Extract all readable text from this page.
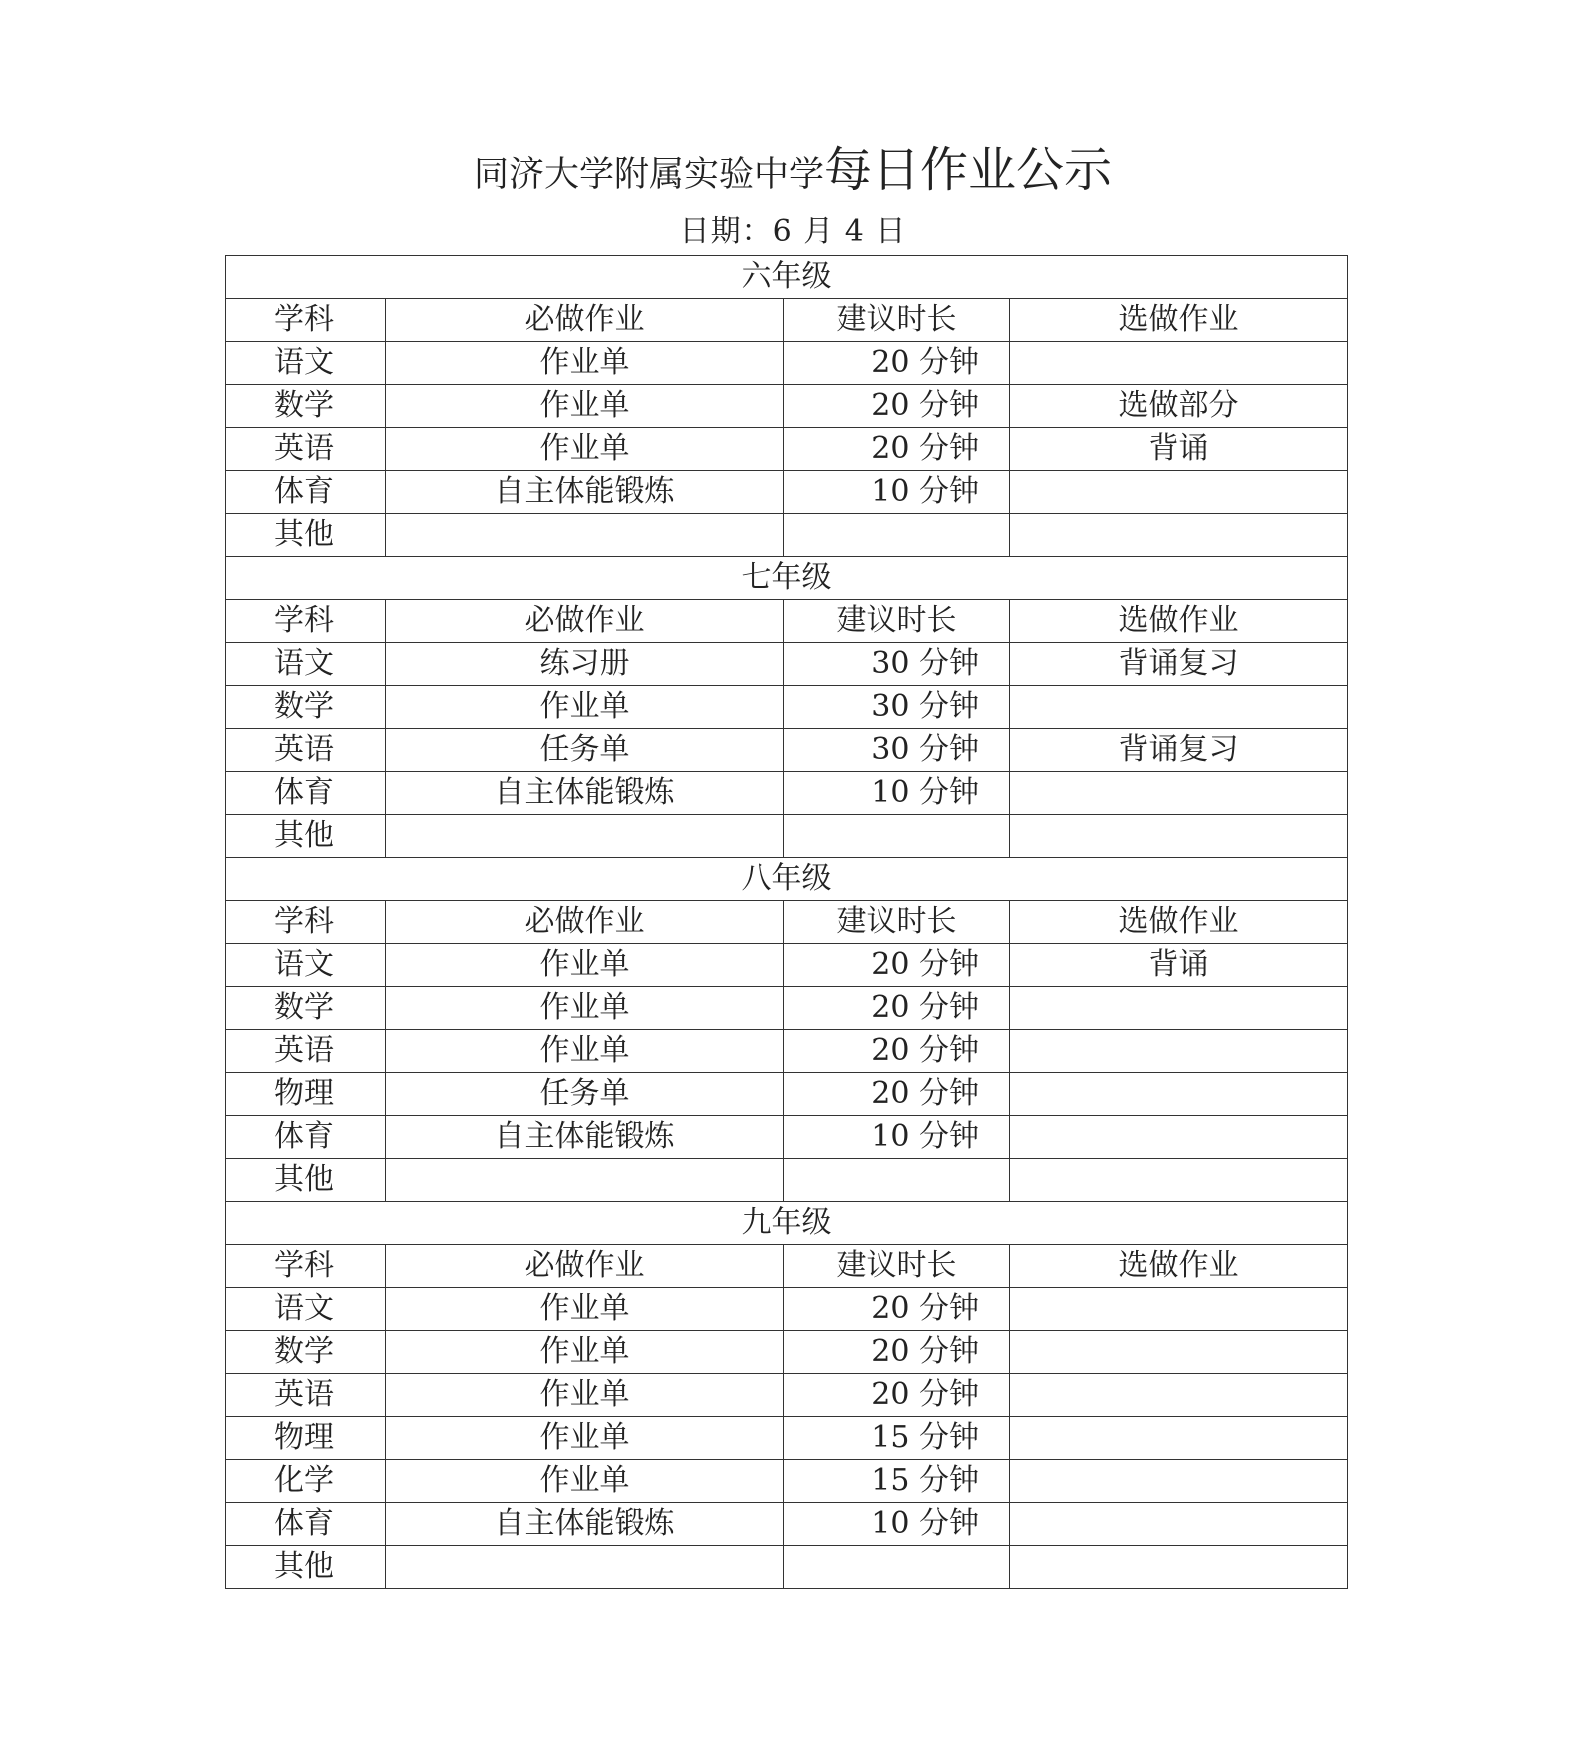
同济大学附属实验中学每日作业公示
日期：6 月 4 日
六年级			
学科	必做作业	建议时长	选做作业
语文	作业单	20 分钟	
数学	作业单	20 分钟	选做部分
英语	作业单	20 分钟	背诵
体育	自主体能锻炼	10 分钟	
其他			
七年级			
学科	必做作业	建议时长	选做作业
语文	练习册	30 分钟	背诵复习
数学	作业单	30 分钟	
英语	任务单	30 分钟	背诵复习
体育	自主体能锻炼	10 分钟	
其他			
八年级			
学科	必做作业	建议时长	选做作业
语文	作业单	20 分钟	背诵
数学	作业单	20 分钟	
英语	作业单	20 分钟	
物理	任务单	20 分钟	
体育	自主体能锻炼	10 分钟	
其他			
九年级			
学科	必做作业	建议时长	选做作业
语文	作业单	20 分钟	
数学	作业单	20 分钟	
英语	作业单	20 分钟	
物理	作业单	15 分钟	
化学	作业单	15 分钟	
体育	自主体能锻炼	10 分钟	
其他			
